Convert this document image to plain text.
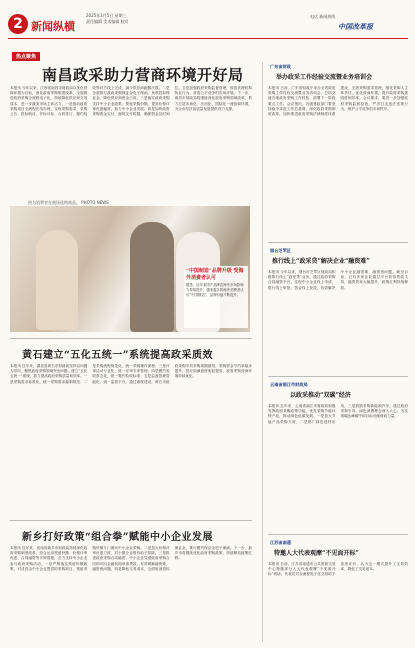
2 新闻纵横
2025年3月5日 星期三
责任编辑 美术编辑 校对
电话 新闻热线
中国改革报
热点聚焦
南昌政采助力营商环境开好局
本报讯 今年以来，江西省南昌市财政局以优化营商环境为目标，深化政府采购制度改革，全面推进政府采购全流程电子化，持续降低供应商交易成本，进一步激发市场主体活力。一是推动政府采购项目全流程在线办理，实现采购需求、采购公告、投标响应、开标评标、合同签订、履约验收等环节线上完成，减少供应商跑腿次数。二是全面推行政府采购保证金电子保函，免收投标保证金，降低供应商资金占用。三是落实政府采购支持中小企业政策，预留采购份额，提高价格评审优惠幅度，助力中小企业发展。四是加快政府采购资金支付，缩短支付时限，确保资金及时到位。五是加强政府采购监督管理，规范代理机构执业行为，营造公平竞争的市场环境。下一步，南昌市财政局将继续深化政府采购领域改革，着力打造市场化、法治化、国际化一流营商环境，为全市经济高质量发展提供有力支撑。
图为消费者在商场选购商品。 PHOTO NEWS
“中国制造”品牌升级 受海外消费者认可
据悉，近年来国产品牌在海外市场影响力持续提升，越来越多的海外消费者认可“中国制造”，品牌价值不断提升。
黄石建立“五化五统一”系统提高政采质效
本报讯 近年来，湖北省黄石市财政局坚持以问题为导向，聚焦政府采购领域突出问题，建立“五化五统一”系统，着力提高政府采购质量和效率。一是采购需求标准化，统一采购需求编制规范；二是采购流程规范化，统一采购操作流程；三是评审活动专业化，统一评审专家管理；四是履约验收常态化，统一履约验收标准；五是监督管理智能化，统一监管平台。通过系统建设，黄石市政府采购平均采购周期缩短，采购资金节约率稳步提升，供应商满意度明显提高，政府采购营商环境持续优化。
新乡打好政策“组合拳”赋能中小企业发展
本报讯 近年来，河南省新乡市财政局持续深化政府采购制度改革，综合运用预留份额、价格评审优惠、合同融资等多种措施，全力支持中小企业参与政府采购活动。一是严格落实预留份额政策，对适宜由中小企业提供的采购项目，预留采购份额专门面向中小企业采购。二是加大价格评审优惠力度，对小微企业报价给予扣除。三是推进政府采购合同融资，中小企业凭借政府采购合同即可向金融机构申请贷款，有效缓解融资难、融资贵问题。四是降低交易成本，全面取消投标保证金，推行履约保证金电子保函。下一步，新乡市将继续优化政府采购政策，持续释放政策红利。
广东省财政
举办政采工作经验交流暨业务培训会
本报讯 日前，广东省财政厅举办全省政府采购工作经验交流暨业务培训会，总结交流各地政府采购工作经验，部署下一阶段重点工作。会议指出，各级财政部门要坚持稳中求进工作总基调，深化政府采购制度改革，加快推进政府采购法律制度体系建设，完善采购需求管理，强化采购人主体责任，优化营商环境，提升政府采购透明度和效率。会议要求，要进一步加强政府采购监督检查，严厉打击违法违规行为，维护公平竞争的市场秩序。
烟台芝罘区
推行线上“政采贷”解决企业“融资难”
本报讯 今年以来，烟台市芝罘区财政局积极推行线上“政采贷”业务，通过政府采购合同融资平台，实现中小企业线上申请、银行线上审批、资金线上发放，有效解决中小企业融资难、融资贵问题。截至目前，已有多家企业通过平台获得贷款支持，融资效率大幅提升，政策红利持续释放。
云南省丽江市财政局
以政采推动“双碳”经济
本报讯 近年来，云南省丽江市财政局积极发挥政府采购政策功能，优先采购节能环保产品，推动绿色低碳发展。一是加大节能产品采购力度，二是推广绿色建材应用，三是鼓励采购新能源汽车。通过政府采购引导，绿色消费理念深入人心，为实现碳达峰碳中和目标贡献财政力量。
江苏省南通
特邀人大代表观摩“不见面开标”
本报讯 日前，江苏省南通市公共资源交易中心特邀部分人大代表观摩“不见面开标”现场，代表们对全流程电子化交易给予高度评价，认为这一模式提升了交易效率，降低了交易成本。
